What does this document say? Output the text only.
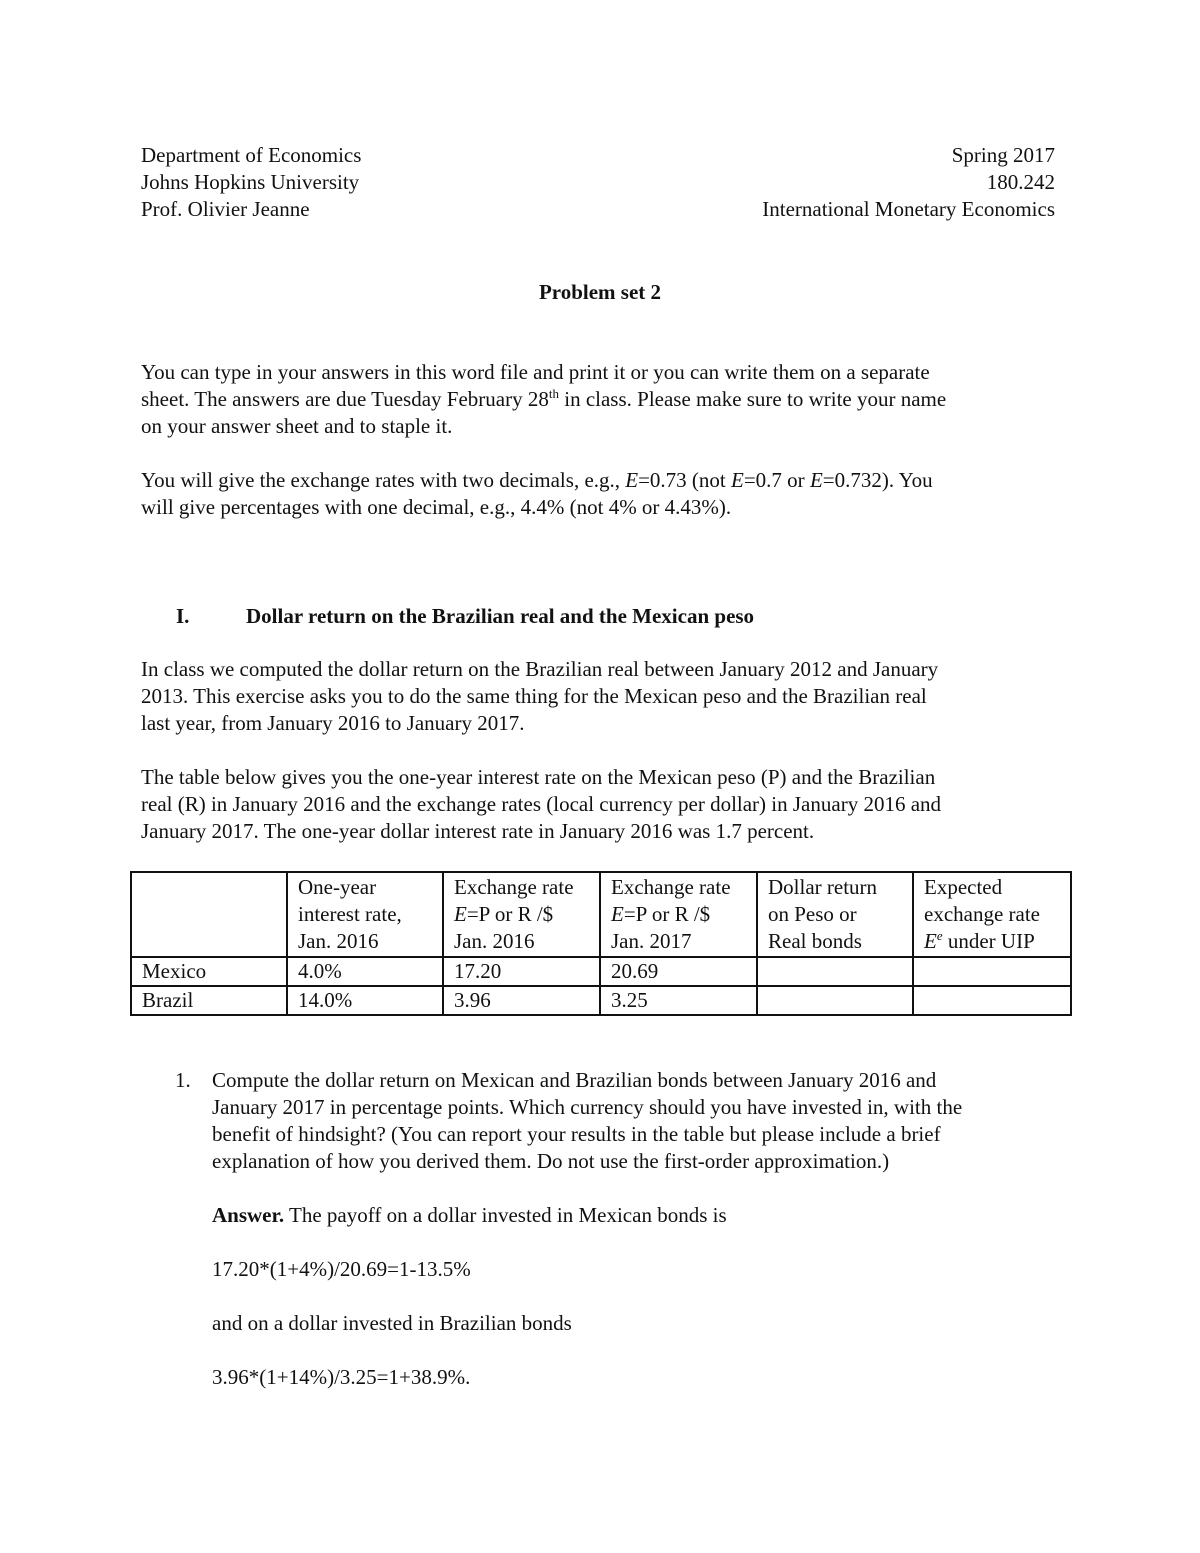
Department of Economics	Spring 2017
Johns Hopkins University	180.242
Prof. Olivier Jeanne	International Monetary Economics
Problem set 2

You can type in your answers in this word file and print it or you can write them on a separate

sheet. The answers are due Tuesday February 28th in class. Please make sure to write your name

on your answer sheet and to staple it.

You will give the exchange rates with two decimals, e.g., E=0.73 (not E=0.7 or E=0.732). You

will give percentages with one decimal, e.g., 4.4% (not 4% or 4.43%).

I.	Dollar return on the Brazilian real and the Mexican peso

In class we computed the dollar return on the Brazilian real between January 2012 and January

2013. This exercise asks you to do the same thing for the Mexican peso and the Brazilian real

last year, from January 2016 to January 2017.

The table below gives you the one-year interest rate on the Mexican peso (P) and the Brazilian

real (R) in January 2016 and the exchange rates (local currency per dollar) in January 2016 and

January 2017. The one-year dollar interest rate in January 2016 was 1.7 percent.

	One-year
interest rate,
Jan. 2016	Exchange rate
E=P or R /$
Jan. 2016	Exchange rate
E=P or R /$
Jan. 2017	Dollar return
on Peso or
Real bonds	Expected
exchange rate
$E^e$ under UIP

Mexico	4.0%	17.20	20.69		
Brazil	14.0%	3.96	3.25		
1. Compute the dollar return on Mexican and Brazilian bonds between January 2016 and
January 2017 in percentage points. Which currency should you have invested in, with the
benefit of hindsight? (You can report your results in the table but please include a brief
explanation of how you derived them. Do not use the first-order approximation.)
Answer. The payoff on a dollar invested in Mexican bonds is
17.20*(1+4%)/20.69=1-13.5%
and on a dollar invested in Brazilian bonds
3.96*(1+14%)/3.25=1+38.9%.
